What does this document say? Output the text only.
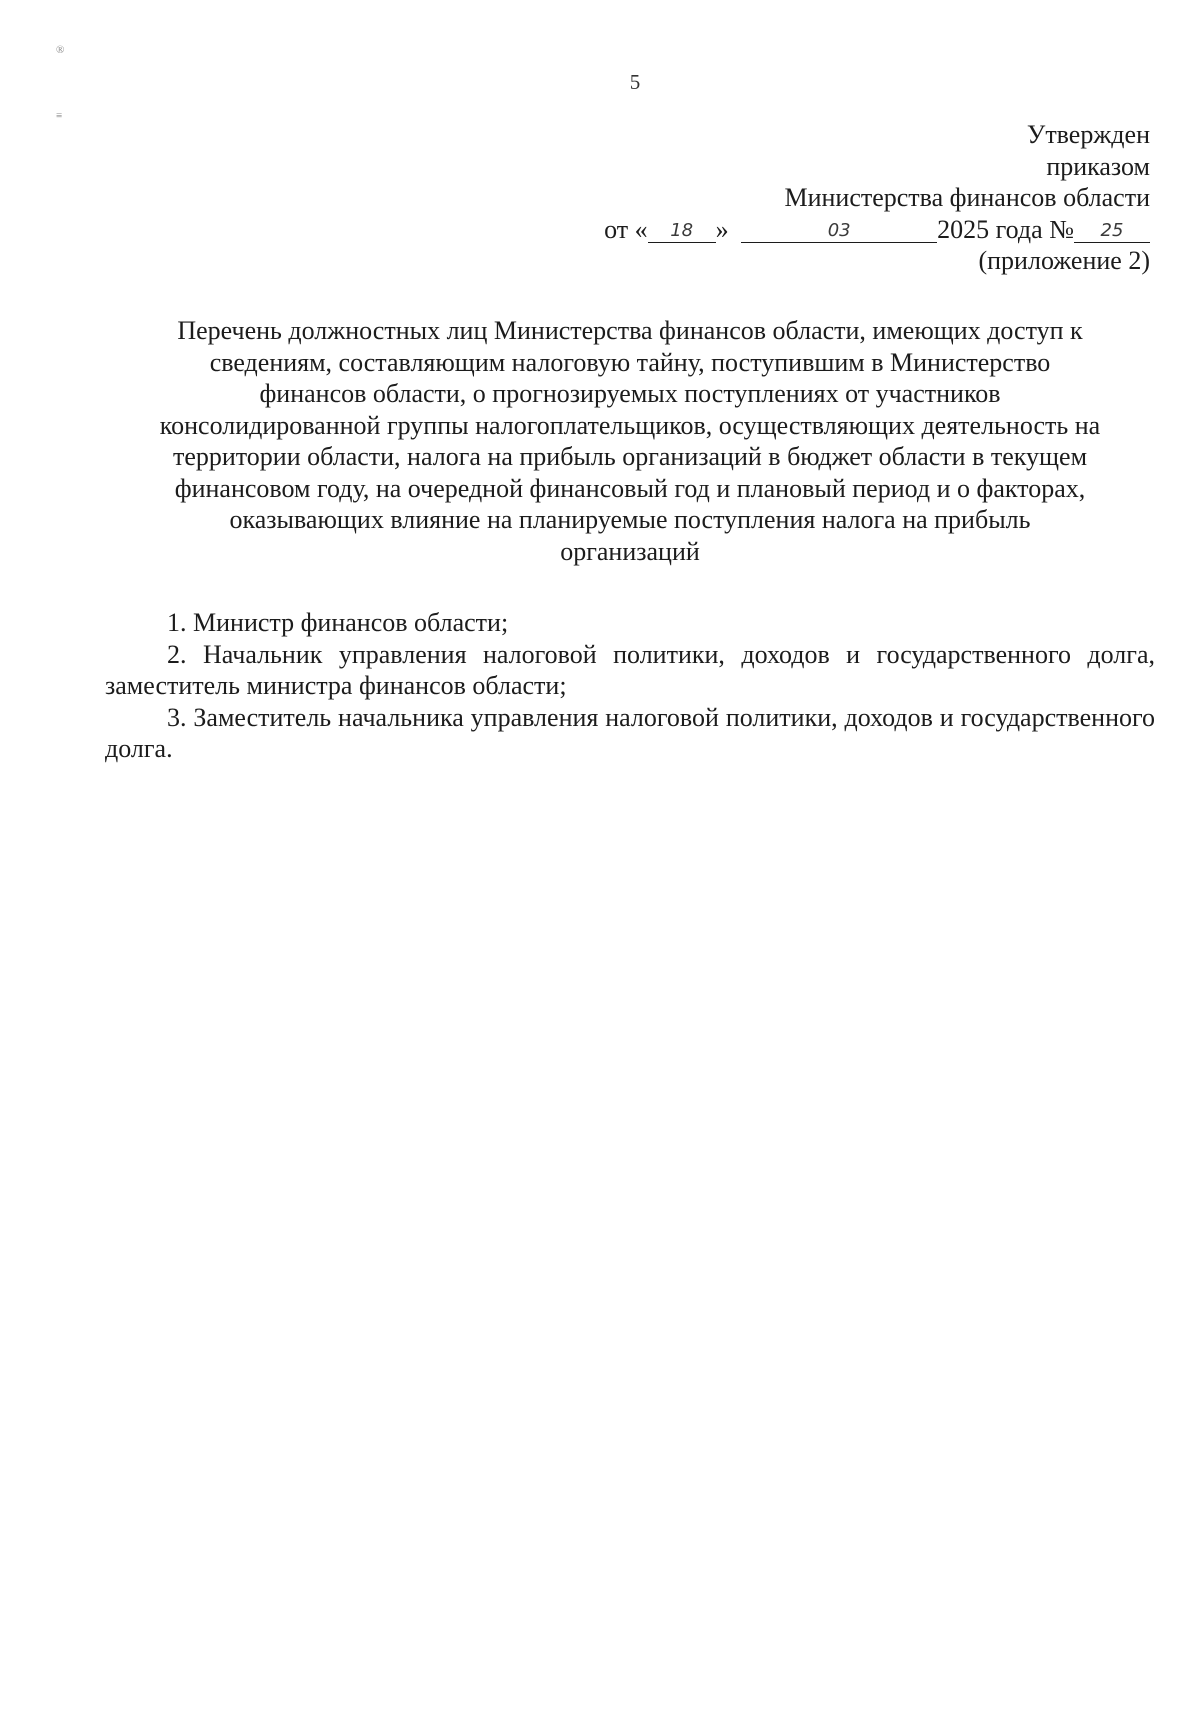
5
®
≡
Утвержден
приказом
Министерства финансов области
от « 18 »	03	2025 года № 25
(приложение 2)
Перечень должностных лиц Министерства финансов области, имеющих доступ к
сведениям, составляющим налоговую тайну, поступившим в Министерство
финансов области, о прогнозируемых поступлениях от участников
консолидированной группы налогоплательщиков, осуществляющих деятельность на
территории области, налога на прибыль организаций в бюджет области в текущем
финансовом году, на очередной финансовый год и плановый период и о факторах,
оказывающих влияние на планируемые поступления налога на прибыль
организаций

1. Министр финансов области;

2. Начальник управления налоговой политики, доходов и государственного долга, заместитель министра финансов области;

3. Заместитель начальника управления налоговой политики, доходов и государственного долга.
